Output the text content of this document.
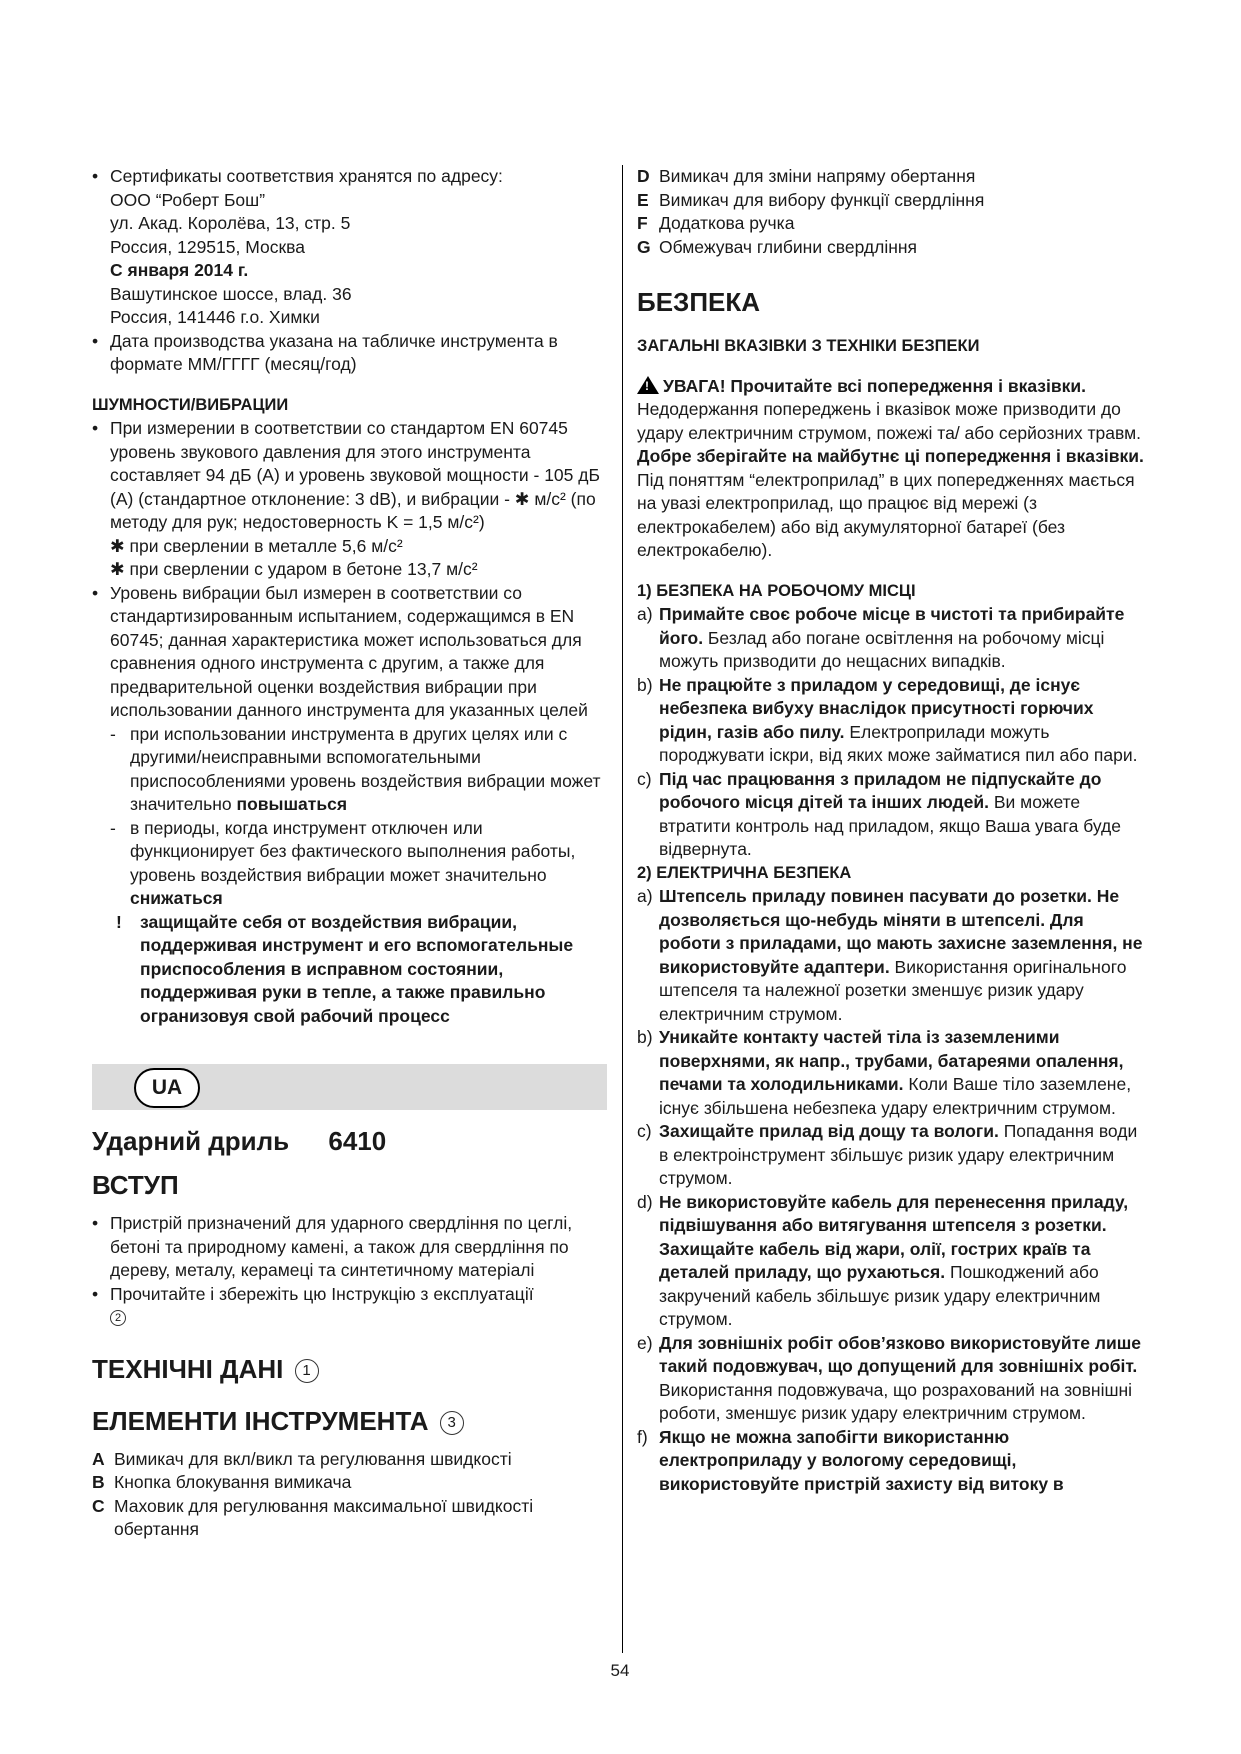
• Сертификаты соответствия хранятся по адресу:

ООО “Роберт Бош”

ул. Акад. Королёва, 13, стр. 5

Россия, 129515, Москва

С января 2014 г.

Вашутинское шоссе, влад. 36

Россия, 141446 г.о. Химки

• Дата производства указана на табличке инструмента в формате ММ/ГГГГ (месяц/год)

ШУМНОСТИ/ВИБРАЦИИ

• При измерении в соответствии со стандартом EN 60745 уровень звукового давления для этого инструмента составляет 94 дБ (А) и уровень звуковой мощности - 105 дБ (А) (стандартное отклонение: 3 dB), и вибрации - ✱ м/с² (по методу для рук; недостоверность K = 1,5 м/с²)

✱ при сверлении в металле 5,6 м/с²

✱ при сверлении с ударом в бетоне 13,7 м/с²

• Уровень вибрации был измерен в соответствии со стандартизированным испытанием, содержащимся в EN 60745; данная характеристика может использоваться для сравнения одного инструмента с другим, а также для предварительной оценки воздействия вибрации при использовании данного инструмента для указанных целей

- при использовании инструмента в других целях или с другими/неисправными вспомогательными приспособлениями уровень воздействия вибрации может значительно повышаться
- в периоды, когда инструмент отключен или функционирует без фактического выполнения работы, уровень воздействия вибрации может значительно снижаться
! защищайте себя от воздействия вибрации, поддерживая инструмент и его вспомогательные приспособления в исправном состоянии, поддерживая руки в тепле, а также правильно огранизовуя свой рабочий процесс
UA

Ударний дриль 6410

ВСТУП

• Пристрій призначений для ударного свердління по цеглі, бетоні та природному камені, а також для свердління по дереву, металу, керамеці та синтетичному матеріалі

• Прочитайте і збережіть цю Інструкцію з експлуатації
2

ТЕХНІЧНІ ДАНІ 1

ЕЛЕМЕНТИ ІНСТРУМЕНТА 3

A Вимикач для вкл/викл та регулювання швидкості

B Кнопка блокування вимикача

C Маховик для регулювання максимальної швидкості обертання

D Вимикач для зміни напряму обертання

E Вимикач для вибору функції свердління

F Додаткова ручка

G Обмежувач глибини свердління

БЕЗПЕКА

ЗАГАЛЬНІ ВКАЗІВКИ З ТЕХНІКИ БЕЗПЕКИ

! УВАГА! Прочитайте всі попередження і вказівки. Недодержання попереджень і вказівок може призводити до удару електричним струмом, пожежі та/ або серйозних травм. Добре зберігайте на майбутнє ці попередження і вказівки. Під поняттям “електроприлад” в цих попередженнях мається на увазі електроприлад, що працює від мережі (з електрокабелем) або від акумуляторної батареї (без електрокабелю).

1) БЕЗПЕКА НА РОБОЧОМУ МІСЦІ

a) Примайте своє робоче місце в чистоті та прибирайте його. Безлад або погане освітлення на робочому місці можуть призводити до нещасних випадків.
b) Не працюйте з приладом у середовищі, де існує небезпека вибуху внаслідок присутності горючих рідин, газів або пилу. Електроприлади можуть породжувати іскри, від яких може займатися пил або пари.
c) Під час працювання з приладом не підпускайте до робочого місця дітей та інших людей. Ви можете втратити контроль над приладом, якщо Ваша увага буде відвернута.

2) ЕЛЕКТРИЧНА БЕЗПЕКА

a) Штепсель приладу повинен пасувати до розетки. Не дозволяється що-небудь міняти в штепселі. Для роботи з приладами, що мають захисне заземлення, не використовуйте адаптери. Використання оригінального штепселя та належної розетки зменшує ризик удару електричним струмом.
b) Уникайте контакту частей тіла із заземленими поверхнями, як напр., трубами, батареями опалення, печами та холодильниками. Коли Ваше тіло заземлене, існує збільшена небезпека удару електричним струмом.
c) Захищайте прилад від дощу та вологи. Попадання води в електроінструмент збільшує ризик удару електричним струмом.
d) Не використовуйте кабель для перенесення приладу, підвішування або витягування штепселя з розетки. Захищайте кабель від жари, олії, гострих країв та деталей приладу, що рухаються. Пошкоджений або закручений кабель збільшує ризик удару електричним струмом.
e) Для зовнішніх робіт обов’язково використовуйте лише такий подовжувач, що допущений для зовнішніх робіт. Використання подовжувача, що розрахований на зовнішні роботи, зменшує ризик удару електричним струмом.
f) Якщо не можна запобігти використанню електроприладу у вологому середовищі, використовуйте пристрій захисту від витоку в
54
